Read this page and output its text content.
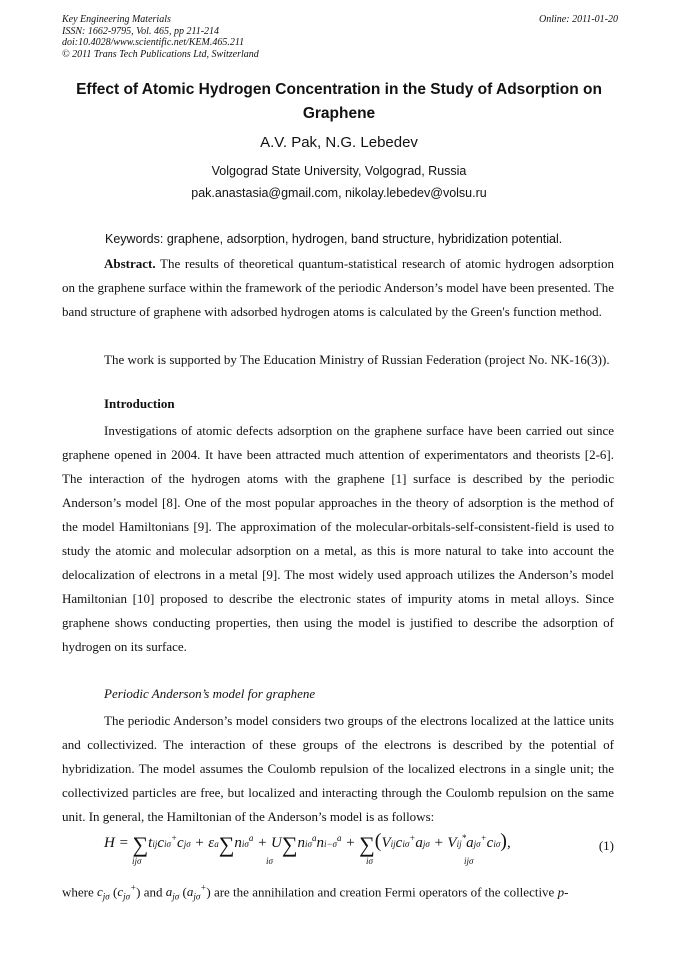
Key Engineering Materials
ISSN: 1662-9795, Vol. 465, pp 211-214
doi:10.4028/www.scientific.net/KEM.465.211
© 2011 Trans Tech Publications Ltd, Switzerland
Online: 2011-01-20
Effect of Atomic Hydrogen Concentration in the Study of Adsorption on Graphene
A.V. Pak, N.G. Lebedev
Volgograd State University, Volgograd, Russia
pak.anastasia@gmail.com, nikolay.lebedev@volsu.ru
Keywords: graphene, adsorption, hydrogen, band structure, hybridization potential.

Abstract. The results of theoretical quantum-statistical research of atomic hydrogen adsorption on the graphene surface within the framework of the periodic Anderson’s model have been presented. The band structure of graphene with adsorbed hydrogen atoms is calculated by the Green's function method.

The work is supported by The Education Ministry of Russian Federation (project No. NK-16(3)).

Introduction

Investigations of atomic defects adsorption on the graphene surface have been carried out since graphene opened in 2004. It have been attracted much attention of experimentators and theorists [2-6]. The interaction of the hydrogen atoms with the graphene [1] surface is described by the periodic Anderson’s model [8]. One of the most popular approaches in the theory of adsorption is the method of the model Hamiltonians [9]. The approximation of the molecular-orbitals-self-consistent-field is used to study the atomic and molecular adsorption on a metal, as this is more natural to take into account the delocalization of electrons in a metal [9]. The most widely used approach utilizes the Anderson’s model Hamiltonian [10] proposed to describe the electronic states of impurity atoms in metal alloys. Since graphene shows conducting properties, then using the model is justified to describe the adsorption of hydrogen on its surface.

Periodic Anderson’s model for graphene

The periodic Anderson’s model considers two groups of the electrons localized at the lattice units and collectivized. The interaction of these groups of the electrons is described by the potential of hybridization. The model assumes the Coulomb repulsion of the localized electrons in a single unit; the collectivized particles are free, but localized and interacting through the Coulomb repulsion on the same unit. In general, the Hamiltonian of the Anderson’s model is as follows:

H = ∑tijciσ+cjσ + $\varepsilon a\sum ni\sigma^a + U\sum ni\sigma^ani-\sigma^a$ + ∑(Vijciσ+ajσ + Vij*ajσ+ciσ),
ijσ	iσ	iσ	ijσ
(1)

where $c_{j\sigma}$ $(c_{j\sigma}^+)$ and $a_{j\sigma}$ $(a_{j\sigma}^+)$ are the annihilation and creation Fermi operators of the collective p-
